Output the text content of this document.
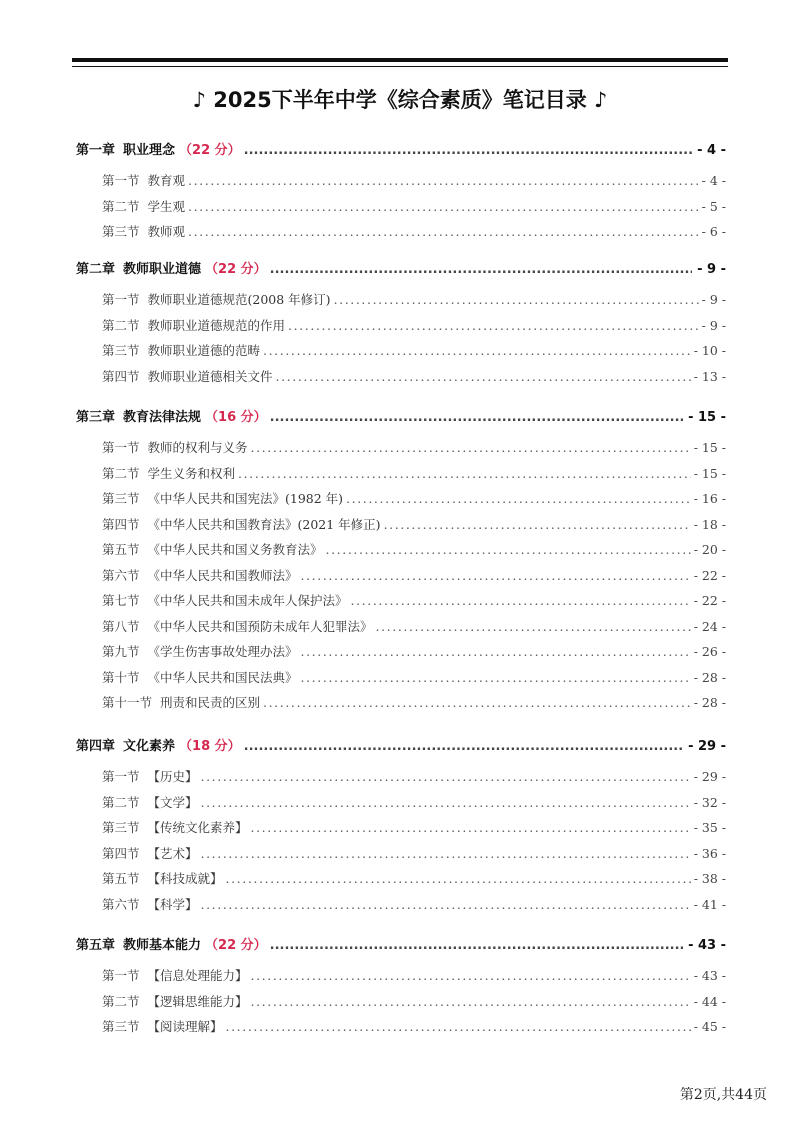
♪ 2025下半年中学《综合素质》笔记目录 ♪
第一章 职业理念 （22 分） .....	- 4 -
第一节 教育观 .....	- 4 -
第二节 学生观 .....	- 5 -
第三节 教师观 .....	- 6 -
第二章 教师职业道德 （22 分） .....	- 9 -
第一节 教师职业道德规范(2008 年修订) .....	- 9 -
第二节 教师职业道德规范的作用 .....	- 9 -
第三节 教师职业道德的范畴 .....	- 10 -
第四节 教师职业道德相关文件 .....	- 13 -
第三章 教育法律法规 （16 分） .....	- 15 -
第一节 教师的权利与义务 .....	- 15 -
第二节 学生义务和权利 .....	- 15 -
第三节 《中华人民共和国宪法》(1982 年) .....	- 16 -
第四节 《中华人民共和国教育法》(2021 年修正) .....	- 18 -
第五节 《中华人民共和国义务教育法》 .....	- 20 -
第六节 《中华人民共和国教师法》 .....	- 22 -
第七节 《中华人民共和国未成年人保护法》 .....	- 22 -
第八节 《中华人民共和国预防未成年人犯罪法》 .....	- 24 -
第九节 《学生伤害事故处理办法》 .....	- 26 -
第十节 《中华人民共和国民法典》 .....	- 28 -
第十一节 刑责和民责的区别 .....	- 28 -
第四章 文化素养 （18 分） .....	- 29 -
第一节 【历史】 .....	- 29 -
第二节 【文学】 .....	- 32 -
第三节 【传统文化素养】 .....	- 35 -
第四节 【艺术】 .....	- 36 -
第五节 【科技成就】 .....	- 38 -
第六节 【科学】 .....	- 41 -
第五章 教师基本能力 （22 分） .....	- 43 -
第一节 【信息处理能力】 .....	- 43 -
第二节 【逻辑思维能力】 .....	- 44 -
第三节 【阅读理解】 .....	- 45 -
第2页,共44页
